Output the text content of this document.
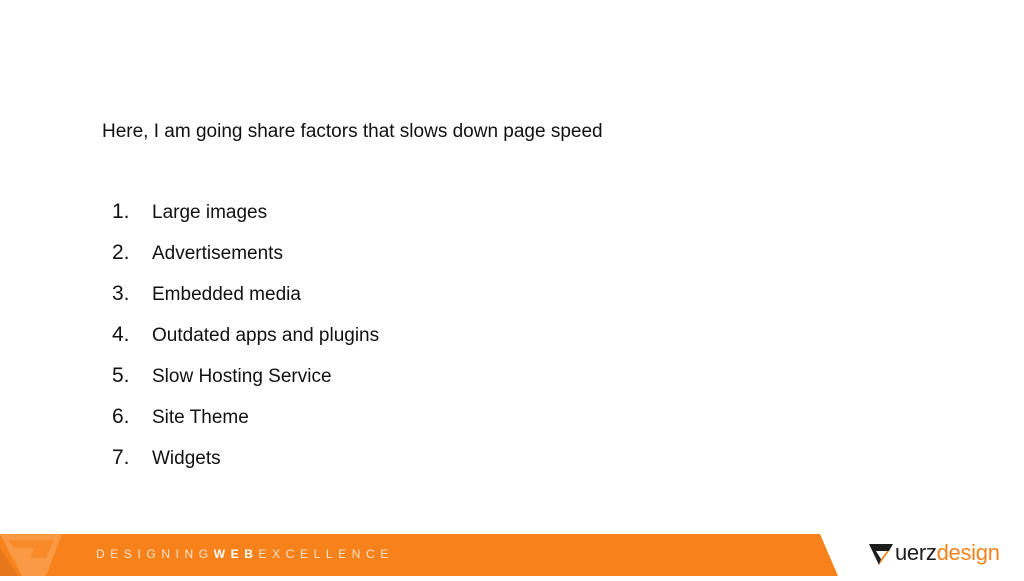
Here, I am going share factors that slows down page speed
1.	Large images
2.	Advertisements
3.	Embedded media
4.	Outdated apps and plugins
5.	Slow Hosting Service
6.	Site Theme
7.	Widgets
DESIGNINGWEBEXCELLENCE	uerzdesign
